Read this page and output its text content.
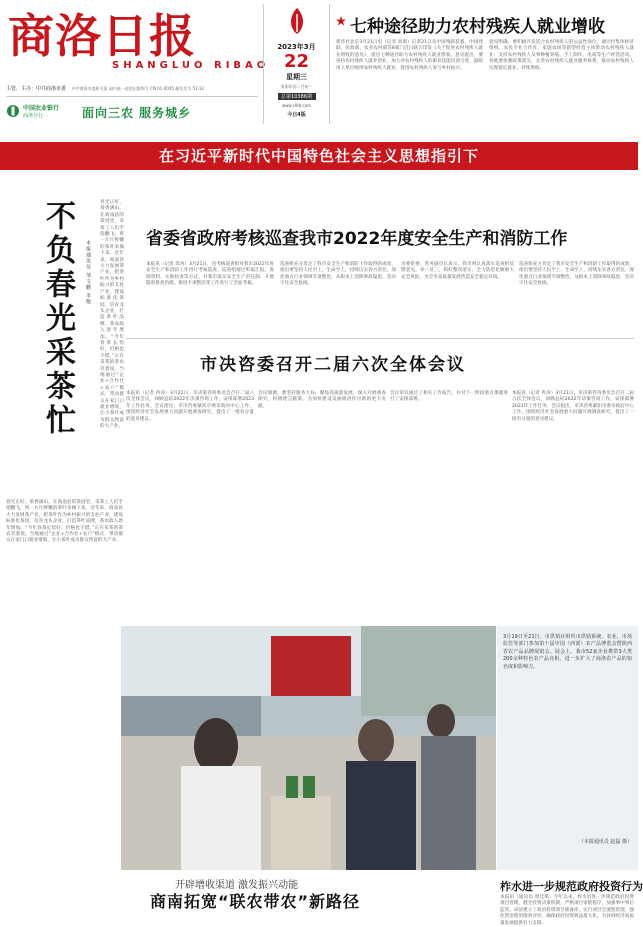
商洛日报
SHANGLUO RIBAO
主管、主办：中共商洛市委 中共商洛市委机关报 国内统一连续出版物号 CN 61-0045 邮发代号 51-32
中国农业银行
商洛分行	面向三农 服务城乡
2023年3月
22
星期三
癸卯年闰二月初一
总第10386期
www.sllrb.com
今日4版
七种途径助力农村残疾人就业增收
新华社北京3月21日电（记者 高蕾）记者21日从中国残联获悉，中国残联、民政部、农业农村部等8部门近日联合印发《关于促进农村残疾人就业增收的意见》，提出七种途径助力农村残疾人就业增收。意见提出，要扶持农村残疾人就业创业，加大对农村残疾人的职业技能培训力度，鼓励用人单位吸纳农村残疾人就业，促进农村残疾人参与乡村振兴。
意见明确，要积极开发适合农村残疾人的公益性岗位，通过村集体经济组织、农民专业合作社、家庭农场等新型经营主体带动农村残疾人就业；支持农村残疾人从事种植养殖、手工制作、电商等生产经营活动。各地要加强政策落实，完善农村残疾人就业服务体系，推动农村残疾人实现稳定就业、持续增收。
在习近平新时代中国特色社会主义思想指引下
不负春光采茶忙 本报通讯员 邹文鹏 李敬
春光正好，茶香满山。在商南县的茶园里，采茶工人们手指翻飞，将一片片鲜嫩的茶叶采摘下来。近年来，商南县大力发展茶产业，把茶叶作为乡村振兴的支柱产业，建设标准化茶园，培育龙头企业，打造茶叶品牌，茶农收入逐年增加。“今年春茶长势好，价格也不错。”正在采茶的茶农笑着说。当地通过“企业+合作社+农户”模式，带动群众在家门口就业增收，让小茶叶成为群众致富的大产业。
春光正好，茶香满山。在商南县的茶园里，采茶工人们手指翻飞，将一片片鲜嫩的茶叶采摘下来。近年来，商南县大力发展茶产业，把茶叶作为乡村振兴的支柱产业，建设标准化茶园，培育龙头企业，打造茶叶品牌，茶农收入逐年增加。“今年春茶长势好，价格也不错。”正在采茶的茶农笑着说。当地通过“企业+合作社+农户”模式，带动群众在家门口就业增收，让小茶叶成为群众致富的大产业。
省委省政府考核巡查我市2022年度安全生产和消防工作
本报讯（记者 余涛）3月21日，省考核巡查组对我市2022年度安全生产和消防工作进行考核巡查。巡查组通过听取汇报、查阅资料、实地检查等方式，对我市落实安全生产责任制、开展隐患排查治理、推进专项整治等工作进行了全面考核。
巡查组充分肯定了我市安全生产和消防工作取得的成效，指出要坚持人民至上、生命至上，持续压实各方责任，深化重点行业领域专项整治，从根本上消除事故隐患，坚决守住安全底线。
市委常委、常务副市长表示，我市将认真落实巡查组反馈意见，举一反三，抓好整改落实，全力防范化解重大安全风险，为全市高质量发展营造安全稳定环境。
巡查组充分肯定了我市安全生产和消防工作取得的成效，指出要坚持人民至上、生命至上，持续压实各方责任，深化重点行业领域专项整治，从根本上消除事故隐患，坚决守住安全底线。
市决咨委召开二届六次全体会议
本报讯（记者 冉涛）3月21日，市决策咨询委员会召开二届六次全体会议，回顾总结2022年决策咨询工作，安排部署2023年工作任务。会议指出，市决咨委紧扣市委市政府中心工作，围绕经济社会发展重大问题开展调查研究，提出了一批有分量的意见建议。
会议强调，要坚持服务大局，聚焦高质量发展，深入开展调查研究，积极建言献策，为加快建设美丽商洛作出新的更大贡献。
会议审议通过了相关工作报告，并对下一阶段重点课题进行了安排部署。
本报讯（记者 冉涛）3月21日，市决策咨询委员会召开二届六次全体会议，回顾总结2022年决策咨询工作，安排部署2023年工作任务。会议指出，市决咨委紧扣市委市政府中心工作，围绕经济社会发展重大问题开展调查研究，提出了一批有分量的意见建议。
3月19日至21日，市供销社组织市供销系统、农业、市场监管等部门参加第十届中国（西部）农产品博览会暨陕西省农产品品牌展销会。展会上，我市52家企业携带3大类200余种特色农产品亮相，进一步扩大了商洛农产品的知名度和影响力。
（本报通讯员 赵磊 摄）
开辟增收渠道 激发振兴动能
商南拓宽“联农带农”新路径
柞水进一步规范政府投资行为
本报讯（通讯员 周佳琪）今年以来，柞水县进一步规范政府投资项目管理，健全投资决策机制，严格项目审批程序，加强事中事后监管。该县建立了政府投资项目储备库，实行项目全流程管理，强化资金使用绩效评价，确保政府投资效益最大化，为县域经济高质量发展提供有力支撑。
